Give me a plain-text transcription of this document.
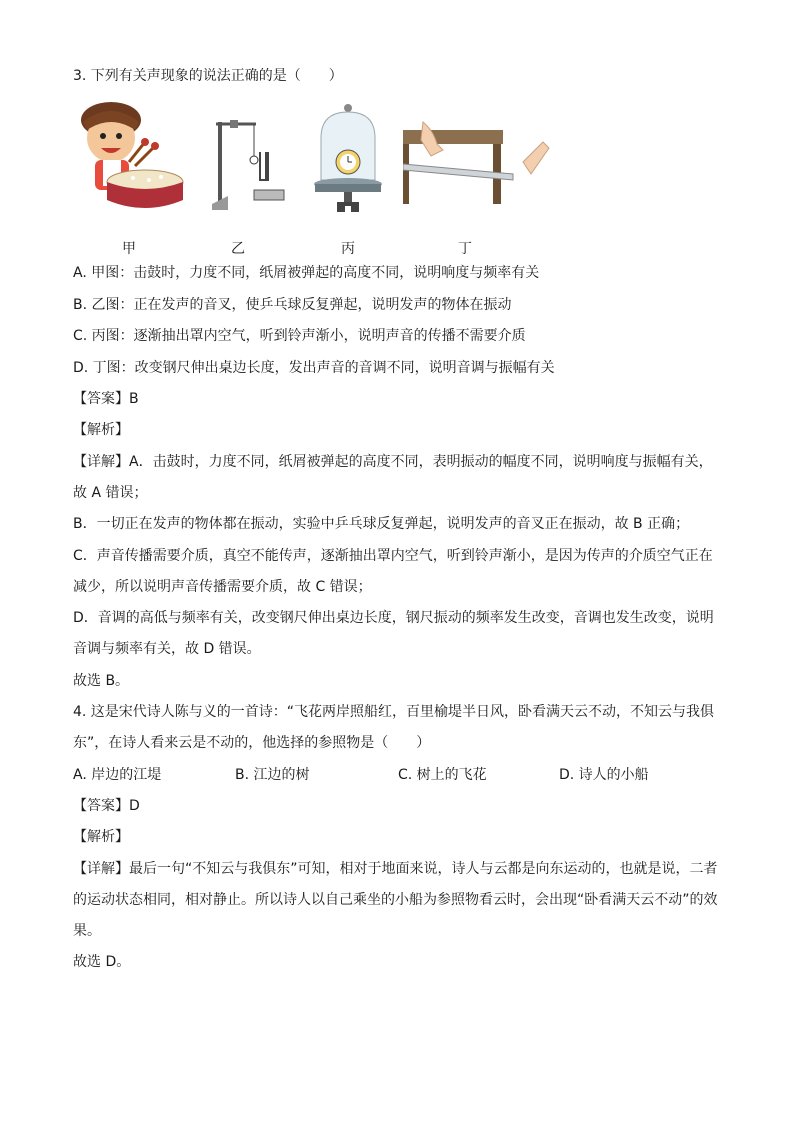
3. 下列有关声现象的说法正确的是（　　）
甲	乙	丙	丁
A. 甲图：击鼓时，力度不同，纸屑被弹起的高度不同，说明响度与频率有关
B. 乙图：正在发声的音叉，使乒乓球反复弹起，说明发声的物体在振动
C. 丙图：逐渐抽出罩内空气，听到铃声渐小，说明声音的传播不需要介质
D. 丁图：改变钢尺伸出桌边长度，发出声音的音调不同，说明音调与振幅有关
【答案】B
【解析】
【详解】A．击鼓时，力度不同，纸屑被弹起的高度不同，表明振动的幅度不同，说明响度与振幅有关，
故 A 错误；
B．一切正在发声的物体都在振动，实验中乒乓球反复弹起，说明发声的音叉正在振动，故 B 正确；
C．声音传播需要介质，真空不能传声，逐渐抽出罩内空气，听到铃声渐小，是因为传声的介质空气正在
减少，所以说明声音传播需要介质，故 C 错误；
D．音调的高低与频率有关，改变钢尺伸出桌边长度，钢尺振动的频率发生改变，音调也发生改变，说明
音调与频率有关，故 D 错误。
故选 B。
4. 这是宋代诗人陈与义的一首诗：“飞花两岸照船红，百里榆堤半日风，卧看满天云不动，不知云与我俱
东”，在诗人看来云是不动的，他选择的参照物是（　　）
A. 岸边的江堤	B. 江边的树	C. 树上的飞花	D. 诗人的小船
【答案】D
【解析】
【详解】最后一句“不知云与我俱东”可知，相对于地面来说，诗人与云都是向东运动的，也就是说，二者
的运动状态相同，相对静止。所以诗人以自己乘坐的小船为参照物看云时，会出现“卧看满天云不动”的效
果。
故选 D。
